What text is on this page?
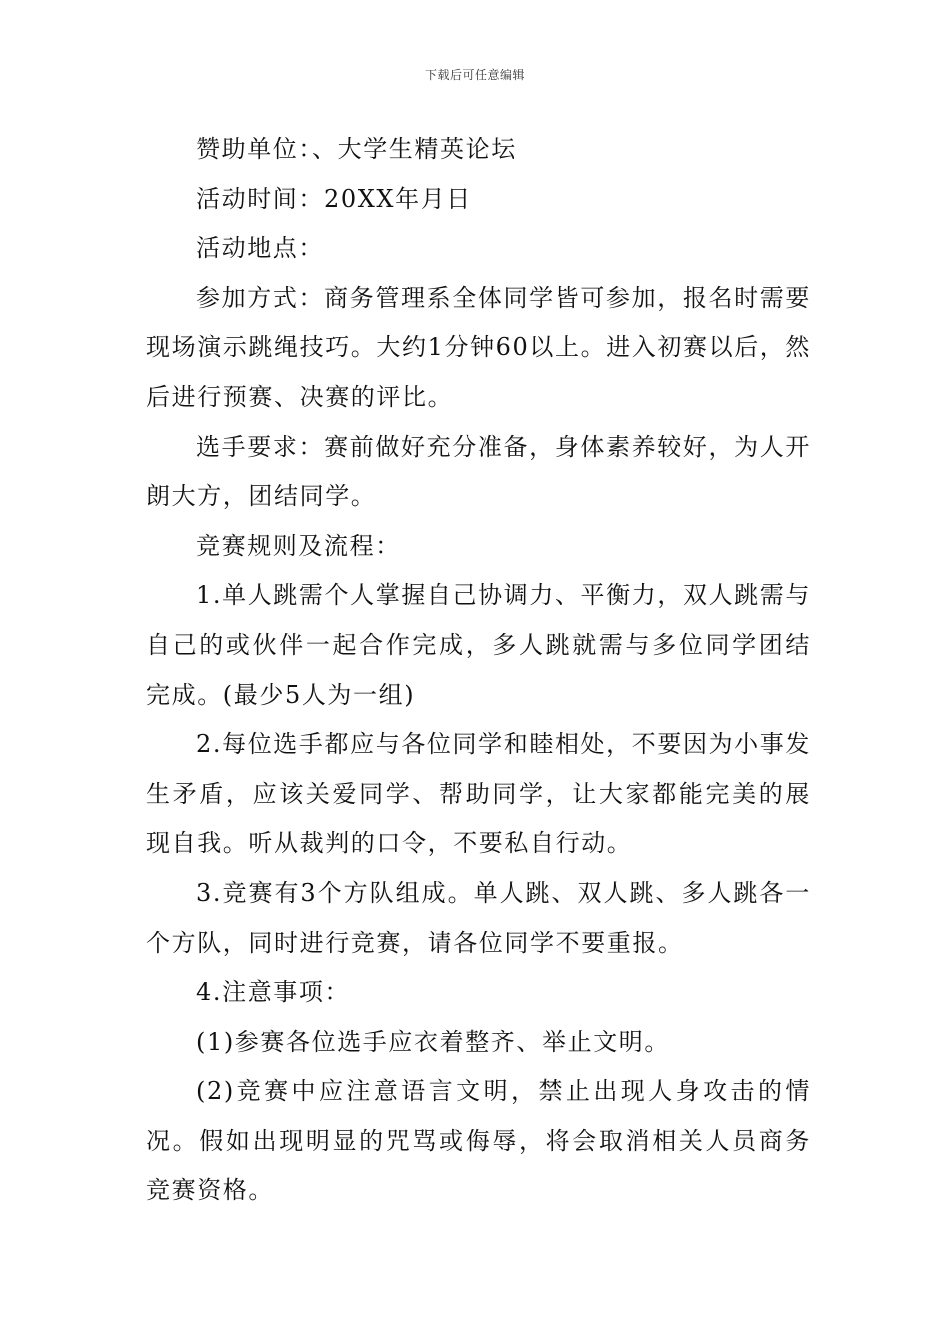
下载后可任意编辑

赞助单位：、大学生精英论坛

活动时间：20XX年月日

活动地点：

参加方式：商务管理系全体同学皆可参加，报名时需要现场演示跳绳技巧。大约1分钟60以上。进入初赛以后，然后进行预赛、决赛的评比。

选手要求：赛前做好充分准备，身体素养较好，为人开朗大方，团结同学。

竞赛规则及流程：

1.单人跳需个人掌握自己协调力、平衡力，双人跳需与自己的或伙伴一起合作完成，多人跳就需与多位同学团结完成。(最少5人为一组)

2.每位选手都应与各位同学和睦相处，不要因为小事发生矛盾，应该关爱同学、帮助同学，让大家都能完美的展现自我。听从裁判的口令，不要私自行动。

3.竞赛有3个方队组成。单人跳、双人跳、多人跳各一个方队，同时进行竞赛，请各位同学不要重报。

4.注意事项：

(1)参赛各位选手应衣着整齐、举止文明。

(2)竞赛中应注意语言文明，禁止出现人身攻击的情况。假如出现明显的咒骂或侮辱，将会取消相关人员商务竞赛资格。
